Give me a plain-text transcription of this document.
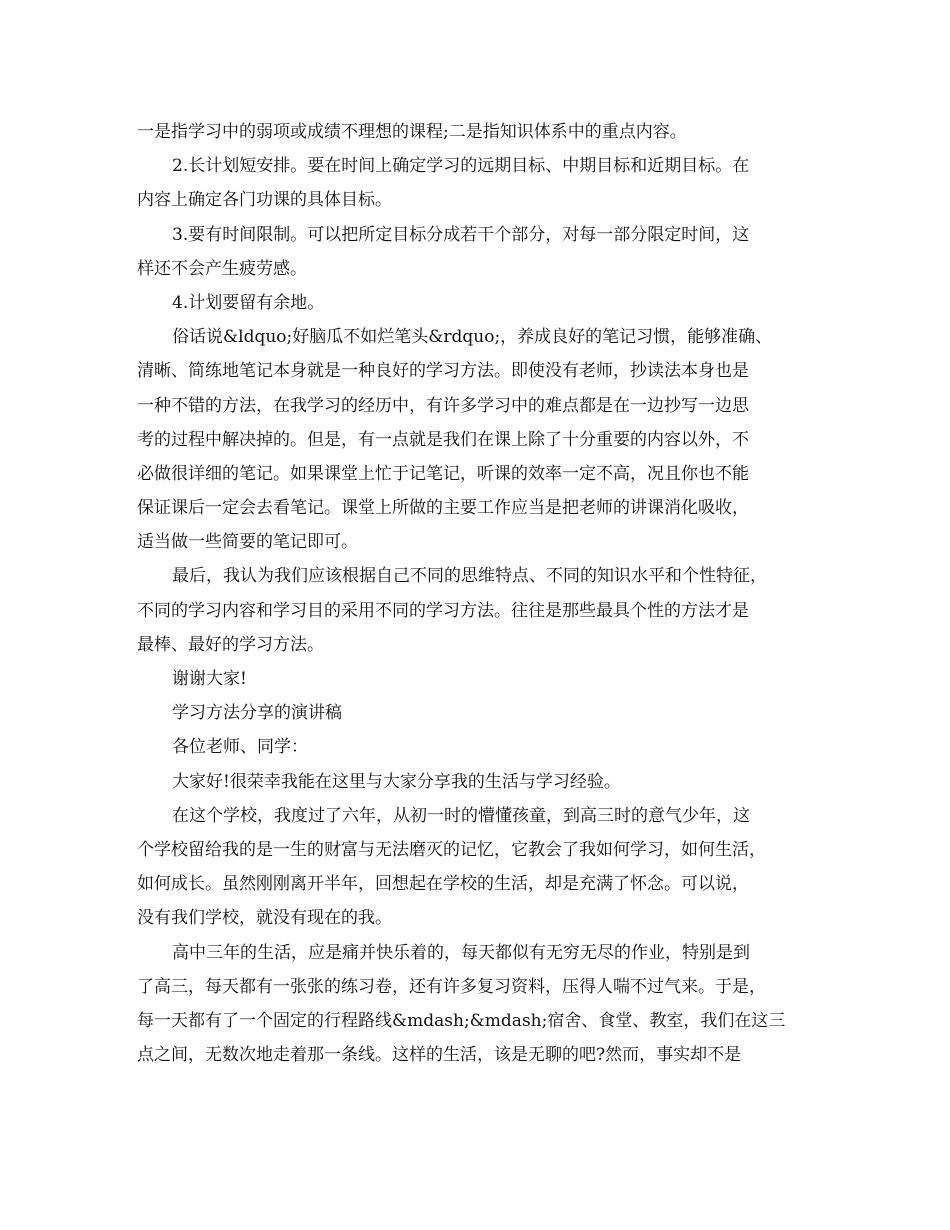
一是指学习中的弱项或成绩不理想的课程;二是指知识体系中的重点内容。
2.长计划短安排。要在时间上确定学习的远期目标、中期目标和近期目标。在
内容上确定各门功课的具体目标。
3.要有时间限制。可以把所定目标分成若干个部分，对每一部分限定时间，这
样还不会产生疲劳感。
4.计划要留有余地。
俗话说&ldquo;好脑瓜不如烂笔头&rdquo;，养成良好的笔记习惯，能够准确、
清晰、简练地笔记本身就是一种良好的学习方法。即使没有老师，抄读法本身也是
一种不错的方法，在我学习的经历中，有许多学习中的难点都是在一边抄写一边思
考的过程中解决掉的。但是，有一点就是我们在课上除了十分重要的内容以外，不
必做很详细的笔记。如果课堂上忙于记笔记，听课的效率一定不高，况且你也不能
保证课后一定会去看笔记。课堂上所做的主要工作应当是把老师的讲课消化吸收，
适当做一些简要的笔记即可。
最后，我认为我们应该根据自己不同的思维特点、不同的知识水平和个性特征，
不同的学习内容和学习目的采用不同的学习方法。往往是那些最具个性的方法才是
最棒、最好的学习方法。
谢谢大家!
学习方法分享的演讲稿
各位老师、同学：
大家好!很荣幸我能在这里与大家分享我的生活与学习经验。
在这个学校，我度过了六年，从初一时的懵懂孩童，到高三时的意气少年，这
个学校留给我的是一生的财富与无法磨灭的记忆，它教会了我如何学习，如何生活，
如何成长。虽然刚刚离开半年，回想起在学校的生活，却是充满了怀念。可以说，
没有我们学校，就没有现在的我。
高中三年的生活，应是痛并快乐着的，每天都似有无穷无尽的作业，特别是到
了高三，每天都有一张张的练习卷，还有许多复习资料，压得人喘不过气来。于是，
每一天都有了一个固定的行程路线&mdash;&mdash;宿舍、食堂、教室，我们在这三
点之间，无数次地走着那一条线。这样的生活，该是无聊的吧?然而，事实却不是
